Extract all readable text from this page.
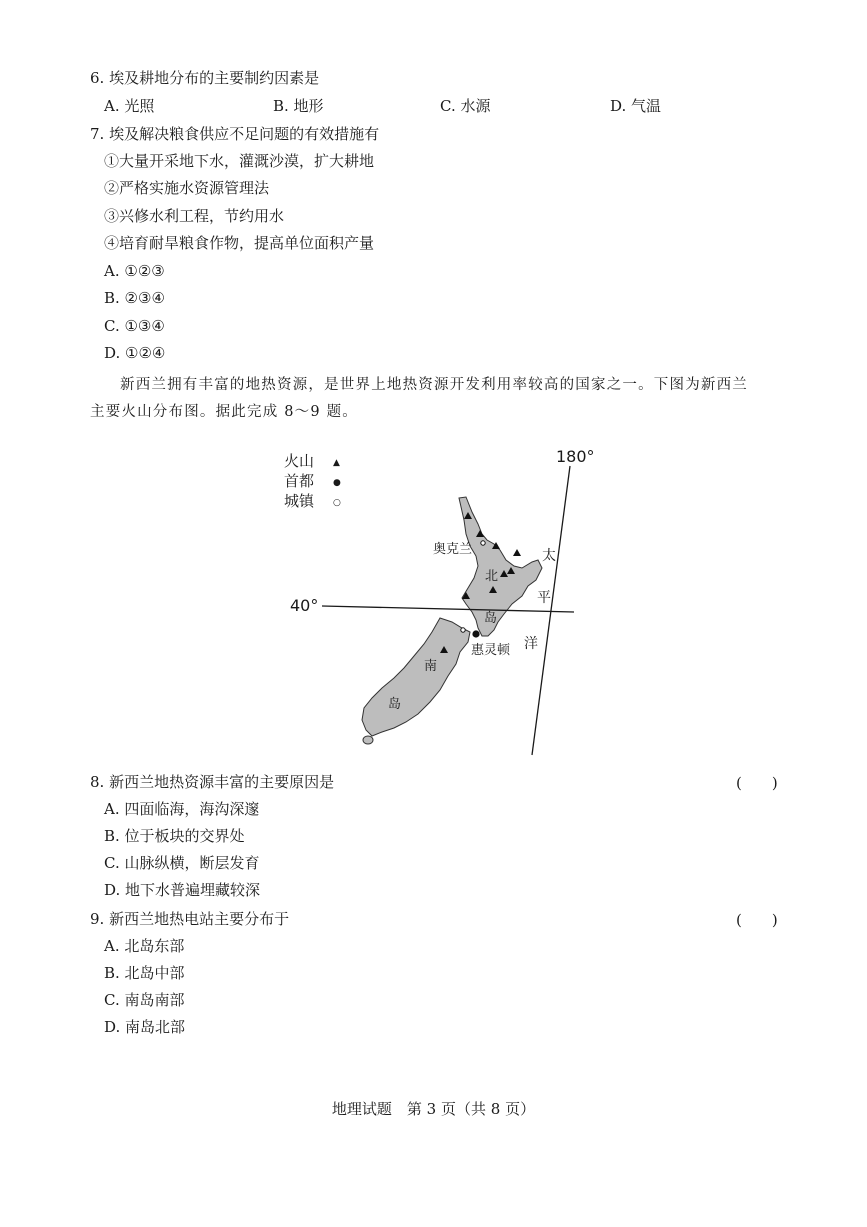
6. 埃及耕地分布的主要制约因素是
A. 光照	B. 地形	C. 水源	D. 气温
7. 埃及解决粮食供应不足问题的有效措施有
①大量开采地下水，灌溉沙漠，扩大耕地
②严格实施水资源管理法
③兴修水利工程，节约用水
④培育耐旱粮食作物，提高单位面积产量
A. ①②③
B. ②③④
C. ①③④
D. ①②④
新西兰拥有丰富的地热资源，是世界上地热资源开发利用率较高的国家之一。下图为新西兰
主要火山分布图。据此完成 8～9 题。
火山 ▲
首都 ●
城镇 ○
180°
40°
奥克兰
惠灵顿
北
岛
南
岛
太
平
洋
8. 新西兰地热资源丰富的主要原因是	(　　)
A. 四面临海，海沟深邃
B. 位于板块的交界处
C. 山脉纵横，断层发育
D. 地下水普遍埋藏较深
9. 新西兰地热电站主要分布于	(　　)
A. 北岛东部
B. 北岛中部
C. 南岛南部
D. 南岛北部
地理试题　第 3 页（共 8 页）
